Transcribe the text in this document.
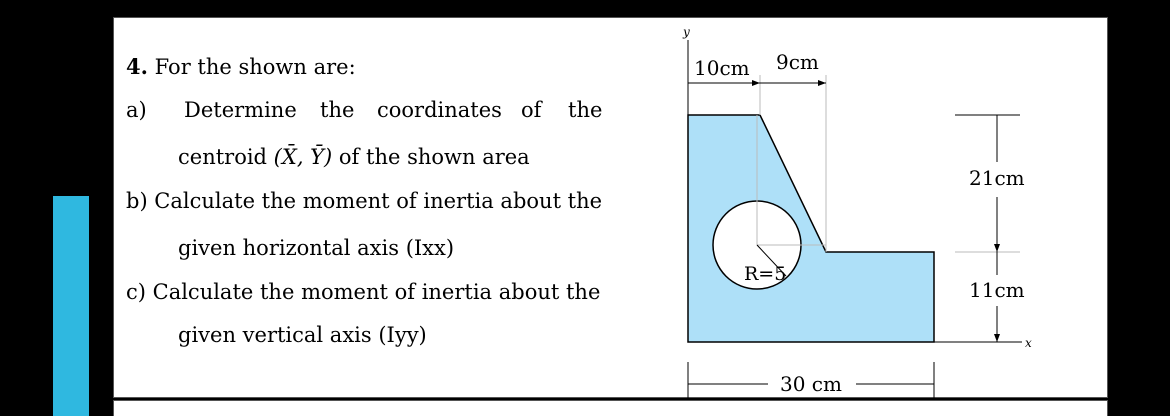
4. For the shown are:
a) Determine the coordinates of the
centroid (X̄, Ȳ) of the shown area
b) Calculate the moment of inertia about the
given horizontal axis (Ixx)
c) Calculate the moment of inertia about the
given vertical axis (Iyy)
y
x
10cm 9cm
21cm
11cm
30 cm
R=5
